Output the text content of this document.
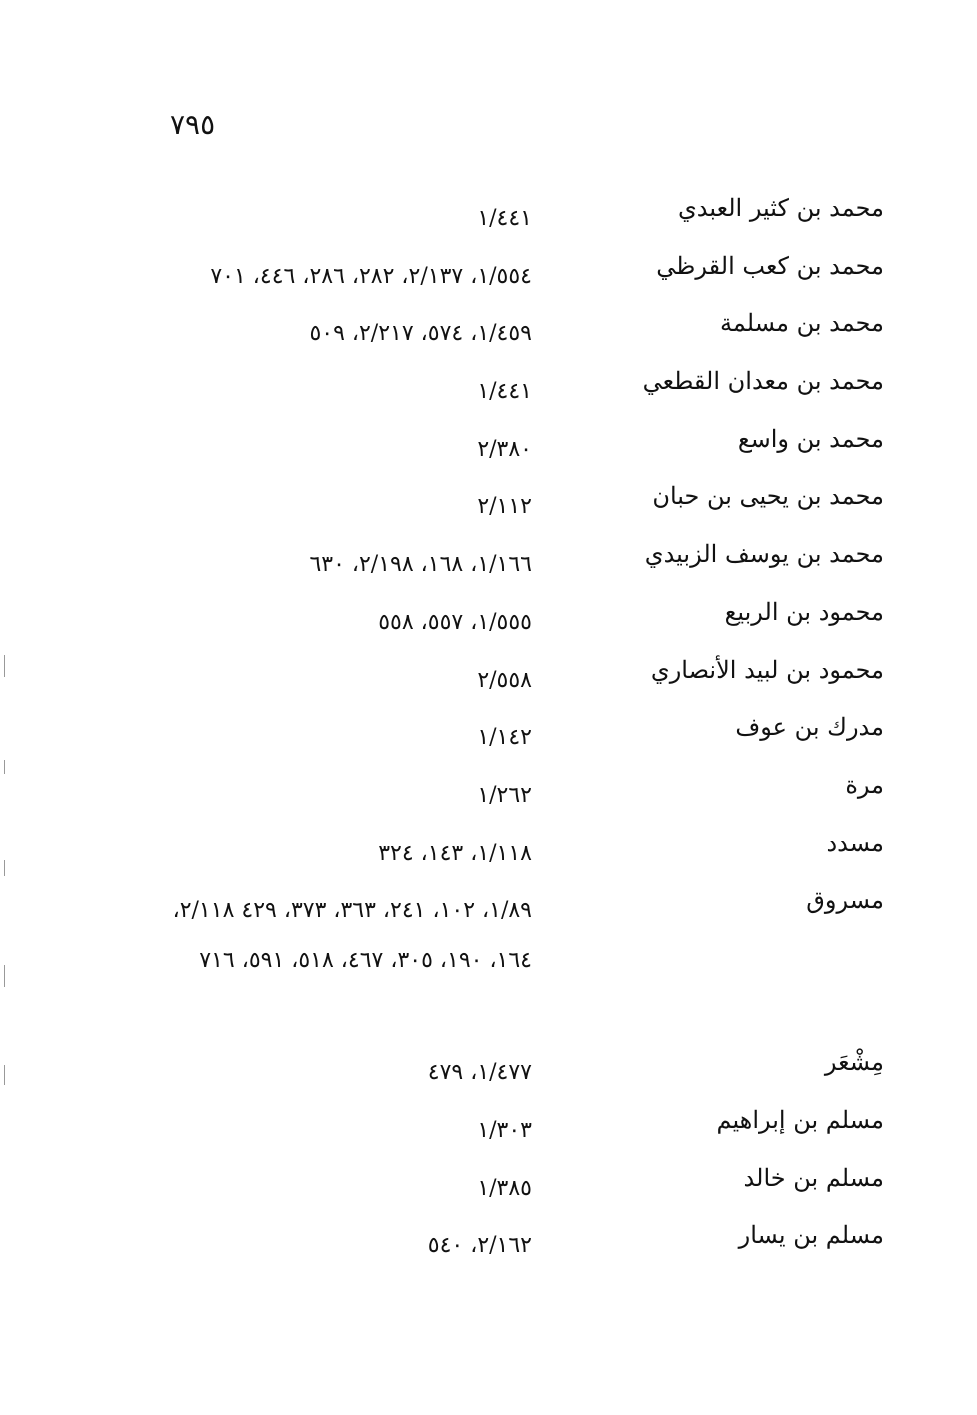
٧٩٥
محمد بن كثير العبدي
١/٤٤١
محمد بن كعب القرظي
١/٥٥٤، ٢/١٣٧، ٢٨٢، ٢٨٦، ٤٤٦، ٧٠١
محمد بن مسلمة
١/٤٥٩، ٥٧٤، ٢/٢١٧، ٥٠٩
محمد بن معدان القطعي
١/٤٤١
محمد بن واسع
٢/٣٨٠
محمد بن يحيى بن حبان
٢/١١٢
محمد بن يوسف الزبيدي
١/١٦٦، ١٦٨، ٢/١٩٨، ٦٣٠
محمود بن الربيع
١/٥٥٥، ٥٥٧، ٥٥٨
محمود بن لبيد الأنصاري
٢/٥٥٨
مدرك بن عوف
١/١٤٢
مرة
١/٢٦٢
مسدد
١/١١٨، ١٤٣، ٣٢٤
مسروق
١/٨٩، ١٠٢، ٢٤١، ٣٦٣، ٣٧٣، ٤٢٩ ٢/١١٨، ١٦٤، ١٩٠، ٣٠٥، ٤٦٧، ٥١٨، ٥٩١، ٧١٦
مِشْعَر
١/٤٧٧، ٤٧٩
مسلم بن إبراهيم
١/٣٠٣
مسلم بن خالد
١/٣٨٥
مسلم بن يسار
٢/١٦٢، ٥٤٠
